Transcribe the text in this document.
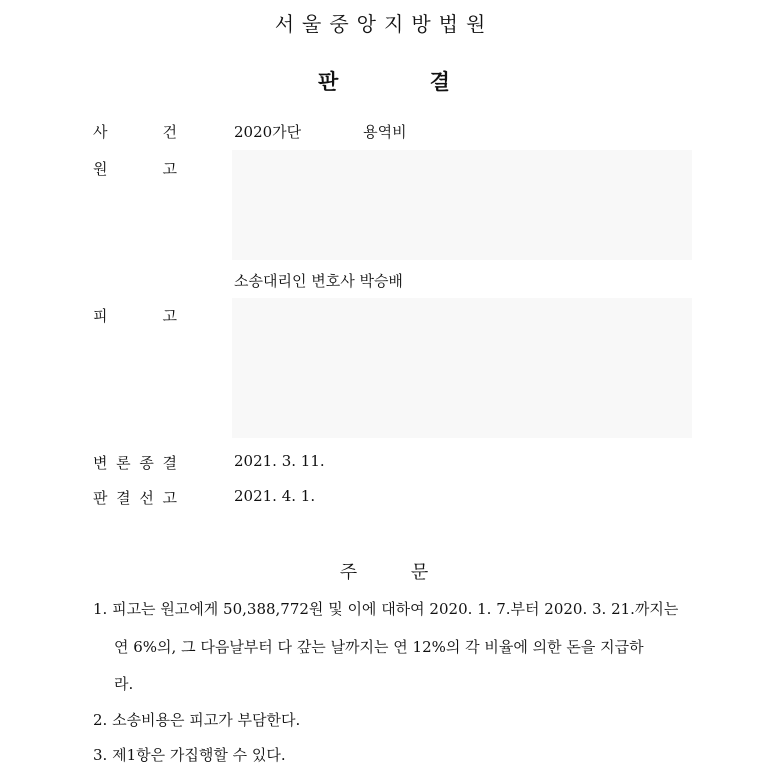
서울중앙지방법원
판 결
사	건	2020가단             용역비
원	고
소송대리인 변호사 박승배
피	고
변 론 종 결	2021. 3. 11.
판 결 선 고	2021. 4. 1.
주 문
1. 피고는 원고에게 50,388,772원 및 이에 대하여 2020. 1. 7.부터 2020. 3. 21.까지는
연 6%의, 그 다음날부터 다 갚는 날까지는 연 12%의 각 비율에 의한 돈을 지급하
라.
2. 소송비용은 피고가 부담한다.
3. 제1항은 가집행할 수 있다.
